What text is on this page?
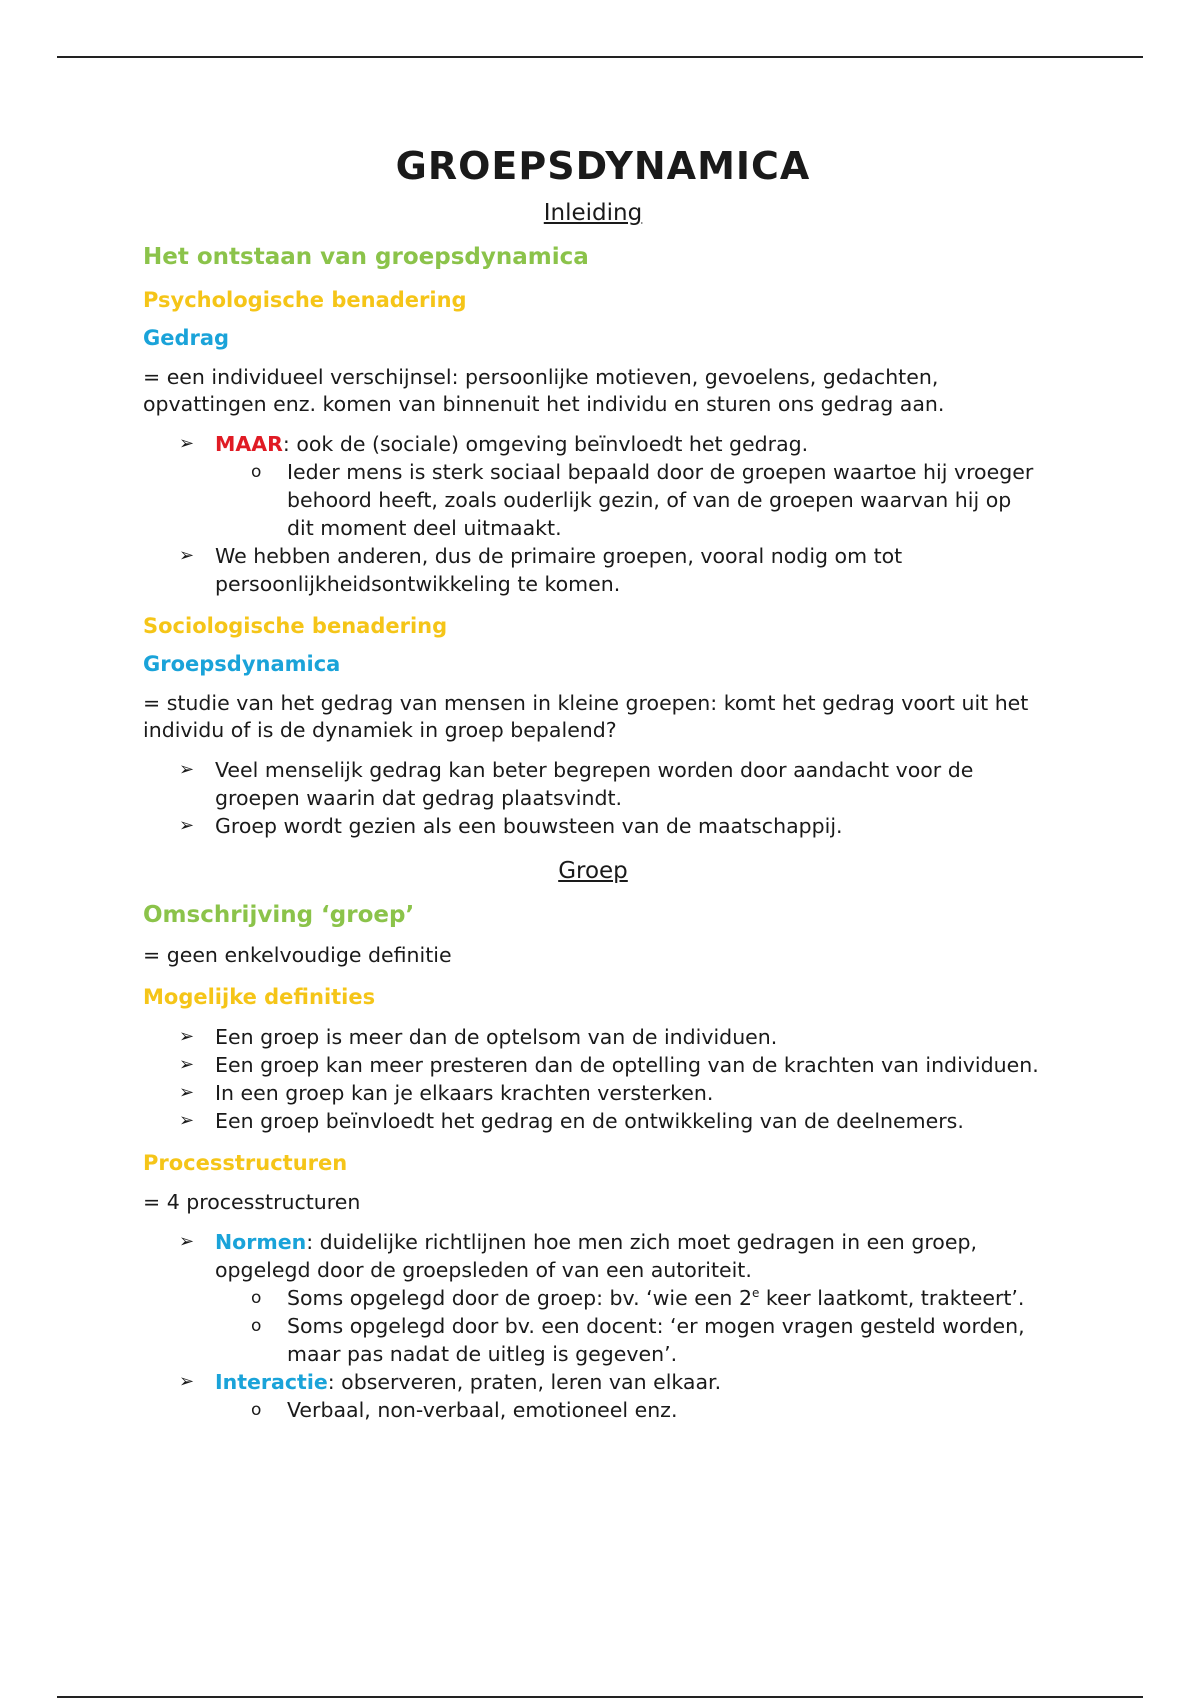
GROEPSDYNAMICA

Inleiding

Het ontstaan van groepsdynamica
Psychologische benadering
Gedrag

= een individueel verschijnsel: persoonlijke motieven, gevoelens, gedachten, opvattingen enz. komen van binnenuit het individu en sturen ons gedrag aan.

➢ MAAR: ook de (sociale) omgeving beïnvloedt het gedrag.
o Ieder mens is sterk sociaal bepaald door de groepen waartoe hij vroeger behoord heeft, zoals ouderlijk gezin, of van de groepen waarvan hij op dit moment deel uitmaakt.
➢ We hebben anderen, dus de primaire groepen, vooral nodig om tot persoonlijkheidsontwikkeling te komen.
Sociologische benadering
Groepsdynamica

= studie van het gedrag van mensen in kleine groepen: komt het gedrag voort uit het individu of is de dynamiek in groep bepalend?

➢ Veel menselijk gedrag kan beter begrepen worden door aandacht voor de groepen waarin dat gedrag plaatsvindt.
➢ Groep wordt gezien als een bouwsteen van de maatschappij.

Groep

Omschrijving ‘groep’

= geen enkelvoudige definitie

Mogelijke definities
➢ Een groep is meer dan de optelsom van de individuen.
➢ Een groep kan meer presteren dan de optelling van de krachten van individuen.
➢ In een groep kan je elkaars krachten versterken.
➢ Een groep beïnvloedt het gedrag en de ontwikkeling van de deelnemers.
Processtructuren

= 4 processtructuren

➢ Normen: duidelijke richtlijnen hoe men zich moet gedragen in een groep, opgelegd door de groepsleden of van een autoriteit.
o Soms opgelegd door de groep: bv. ‘wie een 2e keer laatkomt, trakteert’.
o Soms opgelegd door bv. een docent: ‘er mogen vragen gesteld worden, maar pas nadat de uitleg is gegeven’.
➢ Interactie: observeren, praten, leren van elkaar.
o Verbaal, non-verbaal, emotioneel enz.
